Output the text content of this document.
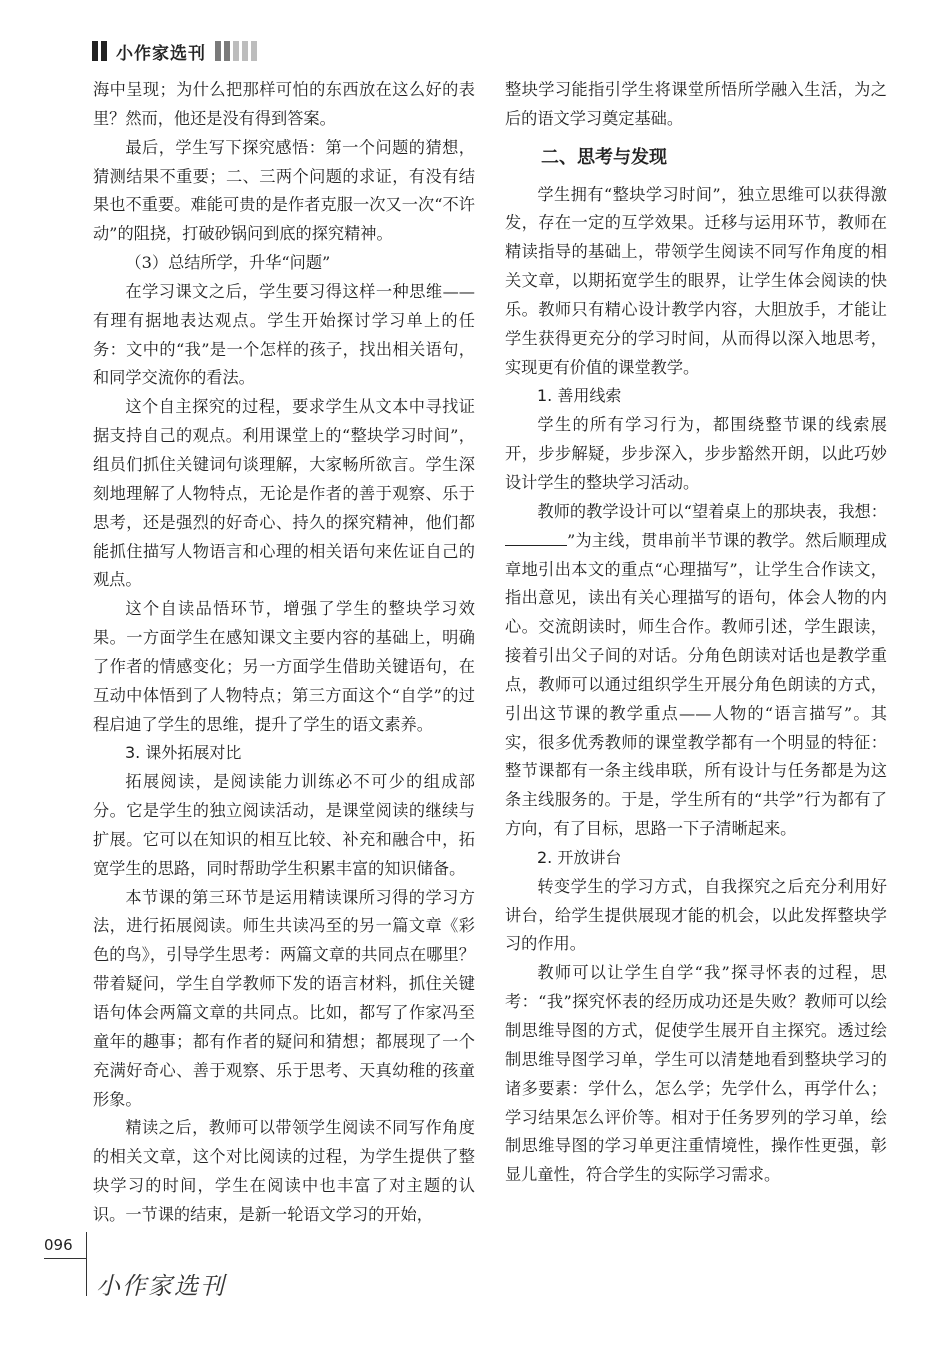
小作家选刊

海中呈现；为什么把那样可怕的东西放在这么好的表里？然而，他还是没有得到答案。

最后，学生写下探究感悟：第一个问题的猜想，猜测结果不重要；二、三两个问题的求证，有没有结果也不重要。难能可贵的是作者克服一次又一次“不许动”的阻挠，打破砂锅问到底的探究精神。

（3）总结所学，升华“问题”

在学习课文之后，学生要习得这样一种思维——有理有据地表达观点。学生开始探讨学习单上的任务：文中的“我”是一个怎样的孩子，找出相关语句，和同学交流你的看法。

这个自主探究的过程，要求学生从文本中寻找证据支持自己的观点。利用课堂上的“整块学习时间”，组员们抓住关键词句谈理解，大家畅所欲言。学生深刻地理解了人物特点，无论是作者的善于观察、乐于思考，还是强烈的好奇心、持久的探究精神，他们都能抓住描写人物语言和心理的相关语句来佐证自己的观点。

这个自读品悟环节，增强了学生的整块学习效果。一方面学生在感知课文主要内容的基础上，明确了作者的情感变化；另一方面学生借助关键语句，在互动中体悟到了人物特点；第三方面这个“自学”的过程启迪了学生的思维，提升了学生的语文素养。

3. 课外拓展对比

拓展阅读，是阅读能力训练必不可少的组成部分。它是学生的独立阅读活动，是课堂阅读的继续与扩展。它可以在知识的相互比较、补充和融合中，拓宽学生的思路，同时帮助学生积累丰富的知识储备。

本节课的第三环节是运用精读课所习得的学习方法，进行拓展阅读。师生共读冯至的另一篇文章《彩色的鸟》，引导学生思考：两篇文章的共同点在哪里？带着疑问，学生自学教师下发的语言材料，抓住关键语句体会两篇文章的共同点。比如，都写了作家冯至童年的趣事；都有作者的疑问和猜想；都展现了一个充满好奇心、善于观察、乐于思考、天真幼稚的孩童形象。

精读之后，教师可以带领学生阅读不同写作角度的相关文章，这个对比阅读的过程，为学生提供了整块学习的时间，学生在阅读中也丰富了对主题的认识。一节课的结束，是新一轮语文学习的开始，

整块学习能指引学生将课堂所悟所学融入生活，为之后的语文学习奠定基础。

二、思考与发现

学生拥有“整块学习时间”，独立思维可以获得激发，存在一定的互学效果。迁移与运用环节，教师在精读指导的基础上，带领学生阅读不同写作角度的相关文章，以期拓宽学生的眼界，让学生体会阅读的快乐。教师只有精心设计教学内容，大胆放手，才能让学生获得更充分的学习时间，从而得以深入地思考，实现更有价值的课堂教学。

1. 善用线索

学生的所有学习行为，都围绕整节课的线索展开，步步解疑，步步深入，步步豁然开朗，以此巧妙设计学生的整块学习活动。

教师的教学设计可以“望着桌上的那块表，我想：”为主线，贯串前半节课的教学。然后顺理成章地引出本文的重点“心理描写”，让学生合作读文，指出意见，读出有关心理描写的语句，体会人物的内心。交流朗读时，师生合作。教师引述，学生跟读，接着引出父子间的对话。分角色朗读对话也是教学重点，教师可以通过组织学生开展分角色朗读的方式，引出这节课的教学重点——人物的“语言描写”。其实，很多优秀教师的课堂教学都有一个明显的特征：整节课都有一条主线串联，所有设计与任务都是为这条主线服务的。于是，学生所有的“共学”行为都有了方向，有了目标，思路一下子清晰起来。

2. 开放讲台

转变学生的学习方式，自我探究之后充分利用好讲台，给学生提供展现才能的机会，以此发挥整块学习的作用。

教师可以让学生自学“我”探寻怀表的过程，思考：“我”探究怀表的经历成功还是失败？教师可以绘制思维导图的方式，促使学生展开自主探究。透过绘制思维导图学习单，学生可以清楚地看到整块学习的诸多要素：学什么，怎么学；先学什么，再学什么；学习结果怎么评价等。相对于任务罗列的学习单，绘制思维导图的学习单更注重情境性，操作性更强，彰显儿童性，符合学生的实际学习需求。

096
小作家选刊
